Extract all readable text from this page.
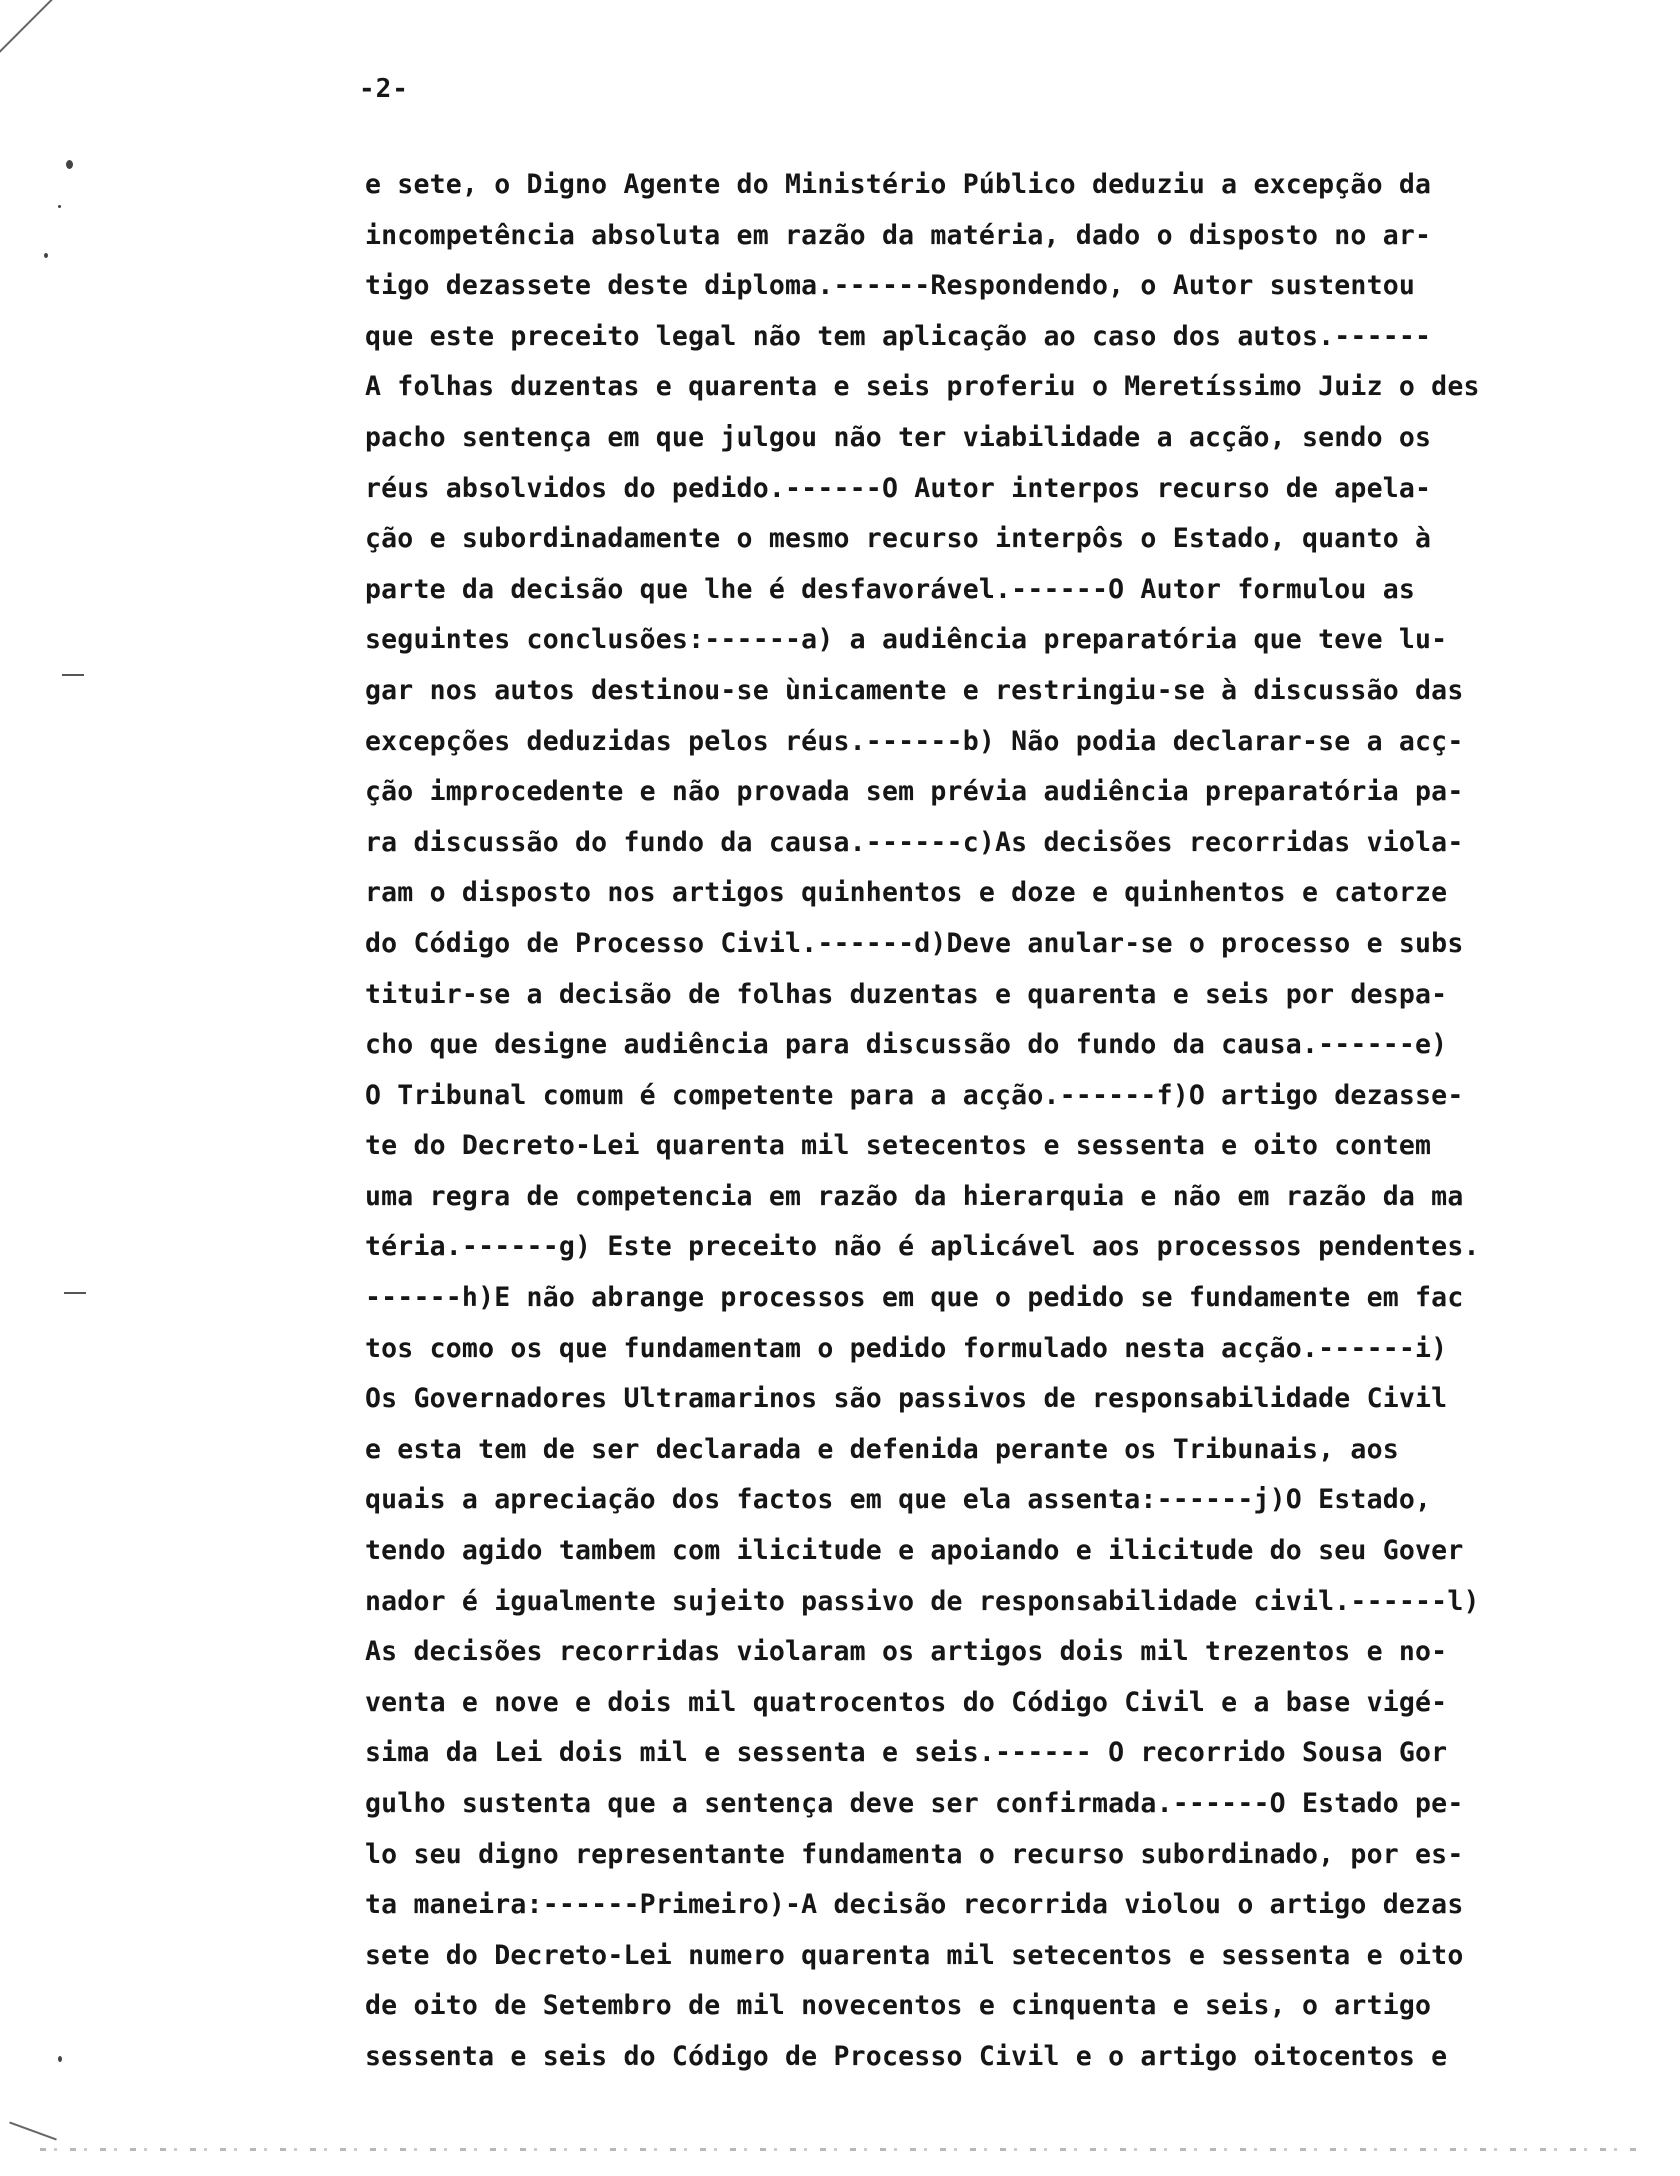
-2-
e sete, o Digno Agente do Ministério Público deduziu a excepção da
incompetência absoluta em razão da matéria, dado o disposto no ar-
tigo dezassete deste diploma.------Respondendo, o Autor sustentou
que este preceito legal não tem aplicação ao caso dos autos.------
A folhas duzentas e quarenta e seis proferiu o Meretíssimo Juiz o des
pacho sentença em que julgou não ter viabilidade a acção, sendo os
réus absolvidos do pedido.------O Autor interpos recurso de apela-
ção e subordinadamente o mesmo recurso interpôs o Estado, quanto à
parte da decisão que lhe é desfavorável.------O Autor formulou as
seguintes conclusões:------a) a audiência preparatória que teve lu-
gar nos autos destinou-se ùnicamente e restringiu-se à discussão das
excepções deduzidas pelos réus.------b) Não podia declarar-se a acç-
ção improcedente e não provada sem prévia audiência preparatória pa-
ra discussão do fundo da causa.------c)As decisões recorridas viola-
ram o disposto nos artigos quinhentos e doze e quinhentos e catorze
do Código de Processo Civil.------d)Deve anular-se o processo e subs
tituir-se a decisão de folhas duzentas e quarenta e seis por despa-
cho que designe audiência para discussão do fundo da causa.------e)
O Tribunal comum é competente para a acção.------f)O artigo dezasse-
te do Decreto-Lei quarenta mil setecentos e sessenta e oito contem
uma regra de competencia em razão da hierarquia e não em razão da ma
téria.------g) Este preceito não é aplicável aos processos pendentes.
------h)E não abrange processos em que o pedido se fundamente em fac
tos como os que fundamentam o pedido formulado nesta acção.------i)
Os Governadores Ultramarinos são passivos de responsabilidade Civil
e esta tem de ser declarada e defenida perante os Tribunais, aos
quais a apreciação dos factos em que ela assenta:------j)O Estado,
tendo agido tambem com ilicitude e apoiando e ilicitude do seu Gover
nador é igualmente sujeito passivo de responsabilidade civil.------l)
As decisões recorridas violaram os artigos dois mil trezentos e no-
venta e nove e dois mil quatrocentos do Código Civil e a base vigé-
sima da Lei dois mil e sessenta e seis.------ O recorrido Sousa Gor
gulho sustenta que a sentença deve ser confirmada.------O Estado pe-
lo seu digno representante fundamenta o recurso subordinado, por es-
ta maneira:------Primeiro)-A decisão recorrida violou o artigo dezas
sete do Decreto-Lei numero quarenta mil setecentos e sessenta e oito
de oito de Setembro de mil novecentos e cinquenta e seis, o artigo
sessenta e seis do Código de Processo Civil e o artigo oitocentos e
